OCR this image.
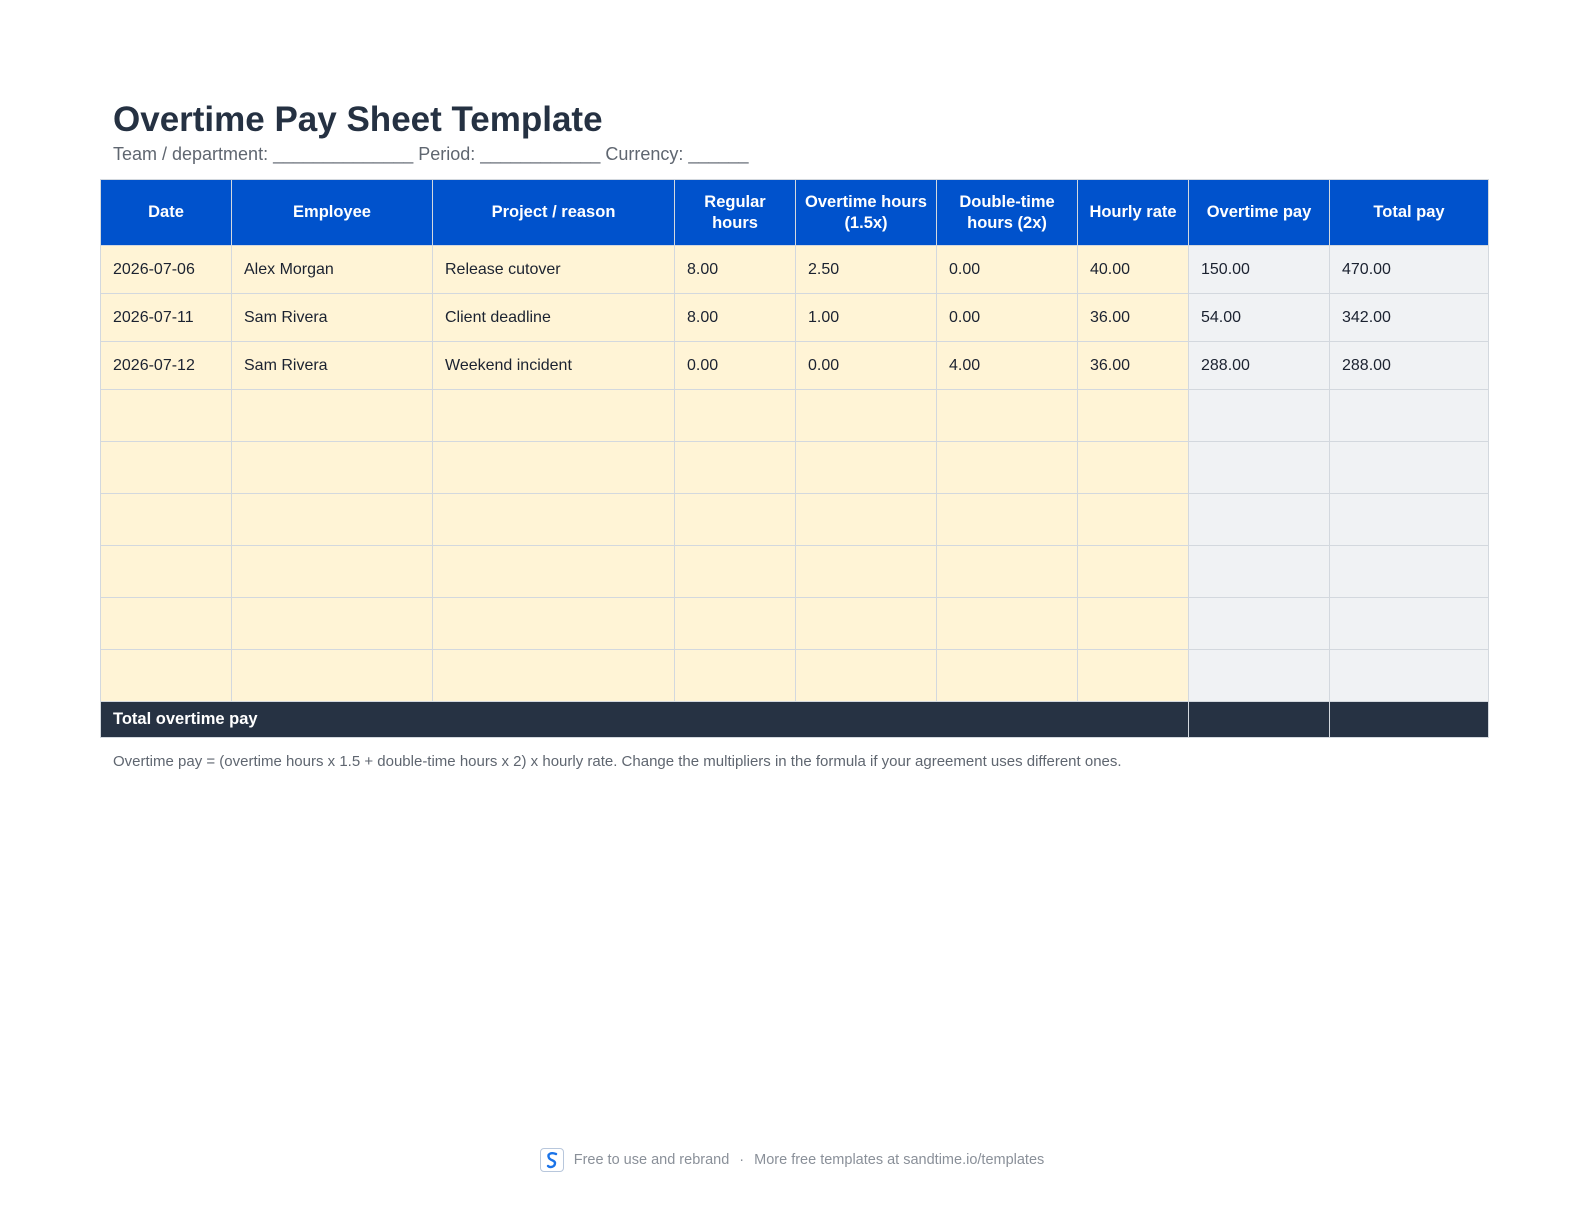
Overtime Pay Sheet Template
Team / department: ______________ Period: ____________ Currency: ______
Date	Employee	Project / reason	Regular hours	Overtime hours (1.5x)	Double-time hours (2x)	Hourly rate	Overtime pay	Total pay
2026-07-06	Alex Morgan	Release cutover	8.00	2.50	0.00	40.00	150.00	470.00
2026-07-11	Sam Rivera	Client deadline	8.00	1.00	0.00	36.00	54.00	342.00
2026-07-12	Sam Rivera	Weekend incident	0.00	0.00	4.00	36.00	288.00	288.00

Total overtime pay								
Overtime pay = (overtime hours x 1.5 + double-time hours x 2) x hourly rate. Change the multipliers in the formula if your agreement uses different ones.
Free to use and rebrand · More free templates at sandtime.io/templates
